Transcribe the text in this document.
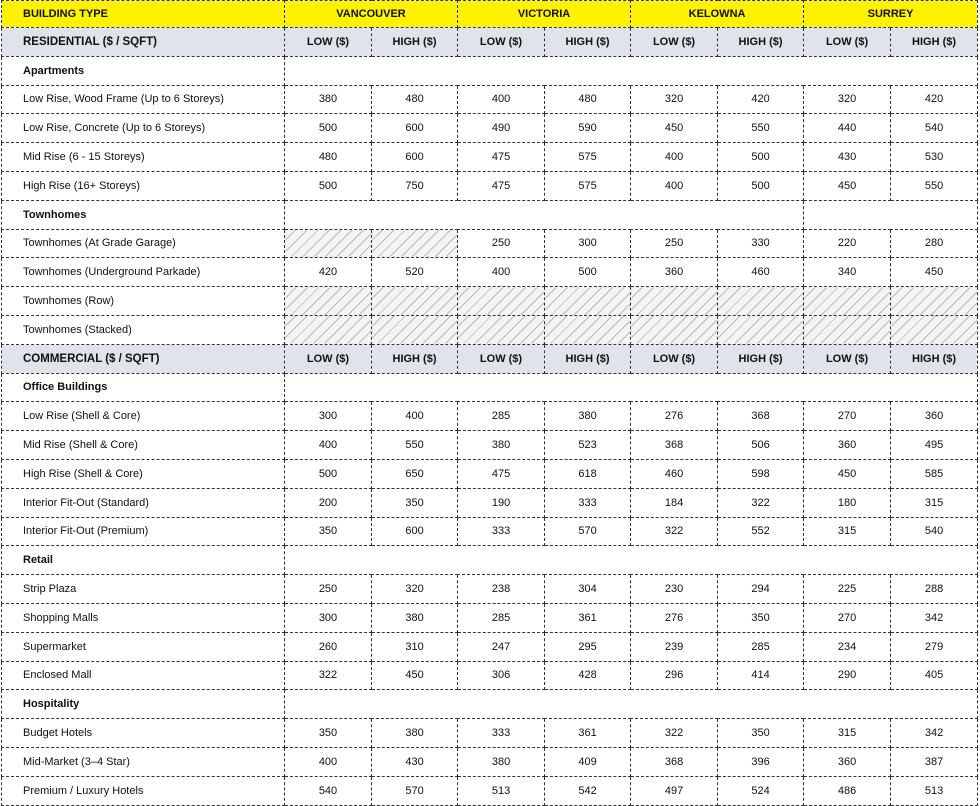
BUILDING TYPE	VANCOUVER		VICTORIA		KELOWNA		SURREY	
RESIDENTIAL ($ / SQFT)	LOW ($)	HIGH ($)	LOW ($)	HIGH ($)	LOW ($)	HIGH ($)	LOW ($)	HIGH ($)
Apartments								
Low Rise, Wood Frame (Up to 6 Storeys)	380	480	400	480	320	420	320	420
Low Rise, Concrete (Up to 6 Storeys)	500	600	490	590	450	550	440	540
Mid Rise (6 - 15 Storeys)	480	600	475	575	400	500	430	530
High Rise (16+ Storeys)	500	750	475	575	400	500	450	550
Townhomes								
Townhomes (At Grade Garage)			250	300	250	330	220	280
Townhomes (Underground Parkade)	420	520	400	500	360	460	340	450
Townhomes (Row)								
Townhomes (Stacked)								
COMMERCIAL ($ / SQFT)	LOW ($)	HIGH ($)	LOW ($)	HIGH ($)	LOW ($)	HIGH ($)	LOW ($)	HIGH ($)
Office Buildings								
Low Rise (Shell & Core)	300	400	285	380	276	368	270	360
Mid Rise (Shell & Core)	400	550	380	523	368	506	360	495
High Rise (Shell & Core)	500	650	475	618	460	598	450	585
Interior Fit-Out (Standard)	200	350	190	333	184	322	180	315
Interior Fit-Out (Premium)	350	600	333	570	322	552	315	540
Retail								
Strip Plaza	250	320	238	304	230	294	225	288
Shopping Malls	300	380	285	361	276	350	270	342
Supermarket	260	310	247	295	239	285	234	279
Enclosed Mall	322	450	306	428	296	414	290	405
Hospitality								
Budget Hotels	350	380	333	361	322	350	315	342
Mid-Market (3–4 Star)	400	430	380	409	368	396	360	387
Premium / Luxury Hotels	540	570	513	542	497	524	486	513
